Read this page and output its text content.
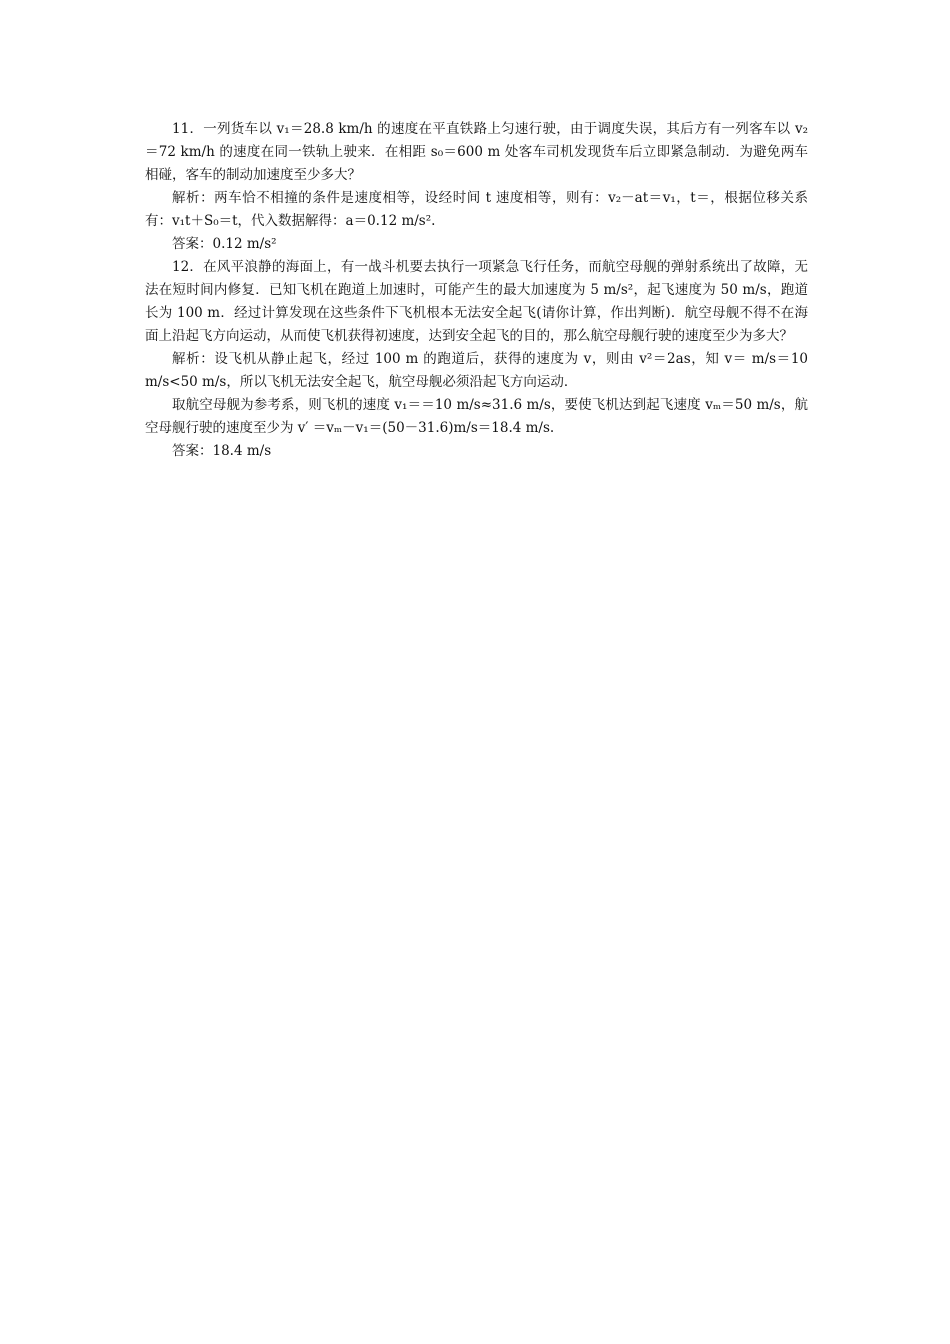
11．一列货车以 v₁＝28.8 km/h 的速度在平直铁路上匀速行驶，由于调度失误，其后方有一列客车以 v₂＝72 km/h 的速度在同一铁轨上驶来．在相距 s₀＝600 m 处客车司机发现货车后立即紧急制动．为避免两车相碰，客车的制动加速度至少多大？

解析：两车恰不相撞的条件是速度相等，设经时间 t 速度相等，则有：v₂－at＝v₁，t＝，根据位移关系有：v₁t＋S₀＝t，代入数据解得：a＝0.12 m/s².

答案：0.12 m/s²

12．在风平浪静的海面上，有一战斗机要去执行一项紧急飞行任务，而航空母舰的弹射系统出了故障，无法在短时间内修复．已知飞机在跑道上加速时，可能产生的最大加速度为 5 m/s²，起飞速度为 50 m/s，跑道长为 100 m．经过计算发现在这些条件下飞机根本无法安全起飞(请你计算，作出判断)．航空母舰不得不在海面上沿起飞方向运动，从而使飞机获得初速度，达到安全起飞的目的，那么航空母舰行驶的速度至少为多大？

解析：设飞机从静止起飞，经过 100 m 的跑道后，获得的速度为 v，则由 v²＝2as，知 v＝ m/s＝10 m/s<50 m/s，所以飞机无法安全起飞，航空母舰必须沿起飞方向运动．

取航空母舰为参考系，则飞机的速度 v₁＝＝10 m/s≈31.6 m/s，要使飞机达到起飞速度 vₘ＝50 m/s，航空母舰行驶的速度至少为 v′ ＝vₘ－v₁＝(50－31.6)m/s＝18.4 m/s.

答案：18.4 m/s
